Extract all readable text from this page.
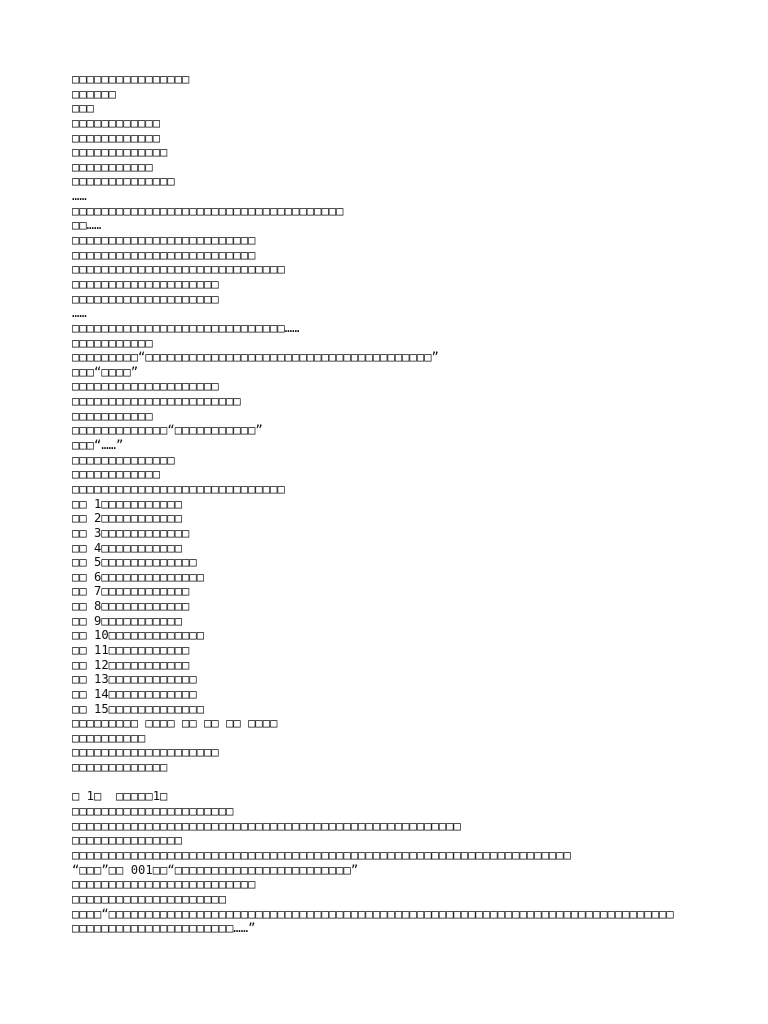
□□□□□□□□□□□□□□□□
□□□□□□
□□□
□□□□□□□□□□□□
□□□□□□□□□□□□
□□□□□□□□□□□□□
□□□□□□□□□□□
□□□□□□□□□□□□□□
……
□□□□□□□□□□□□□□□□□□□□□□□□□□□□□□□□□□□□□
□□……
□□□□□□□□□□□□□□□□□□□□□□□□□
□□□□□□□□□□□□□□□□□□□□□□□□□
□□□□□□□□□□□□□□□□□□□□□□□□□□□□□
□□□□□□□□□□□□□□□□□□□□
□□□□□□□□□□□□□□□□□□□□
……
□□□□□□□□□□□□□□□□□□□□□□□□□□□□□……
□□□□□□□□□□□
□□□□□□□□□“□□□□□□□□□□□□□□□□□□□□□□□□□□□□□□□□□□□□□□□”
□□□“□□□□”
□□□□□□□□□□□□□□□□□□□□
□□□□□□□□□□□□□□□□□□□□□□□
□□□□□□□□□□□
□□□□□□□□□□□□□“□□□□□□□□□□□”
□□□“……”
□□□□□□□□□□□□□□
□□□□□□□□□□□□
□□□□□□□□□□□□□□□□□□□□□□□□□□□□□
□□ 1□□□□□□□□□□□
□□ 2□□□□□□□□□□□
□□ 3□□□□□□□□□□□□
□□ 4□□□□□□□□□□□
□□ 5□□□□□□□□□□□□□
□□ 6□□□□□□□□□□□□□□
□□ 7□□□□□□□□□□□□
□□ 8□□□□□□□□□□□□
□□ 9□□□□□□□□□□□
□□ 10□□□□□□□□□□□□□
□□ 11□□□□□□□□□□□
□□ 12□□□□□□□□□□□
□□ 13□□□□□□□□□□□□
□□ 14□□□□□□□□□□□□
□□ 15□□□□□□□□□□□□□
□□□□□□□□□ □□□□ □□ □□ □□ □□□□
□□□□□□□□□□
□□□□□□□□□□□□□□□□□□□□
□□□□□□□□□□□□□
□ 1□  □□□□□1□
□□□□□□□□□□□□□□□□□□□□□□
□□□□□□□□□□□□□□□□□□□□□□□□□□□□□□□□□□□□□□□□□□□□□□□□□□□□□
□□□□□□□□□□□□□□□
□□□□□□□□□□□□□□□□□□□□□□□□□□□□□□□□□□□□□□□□□□□□□□□□□□□□□□□□□□□□□□□□□□□□
“□□□”□□ 001□□“□□□□□□□□□□□□□□□□□□□□□□□□”
□□□□□□□□□□□□□□□□□□□□□□□□□
□□□□□□□□□□□□□□□□□□□□□
□□□□“□□□□□□□□□□□□□□□□□□□□□□□□□□□□□□□□□□□□□□□□□□□□□□□□□□□□□□□□□□□□□□□□□□□□□□□□□□□□□
□□□□□□□□□□□□□□□□□□□□□□……”
